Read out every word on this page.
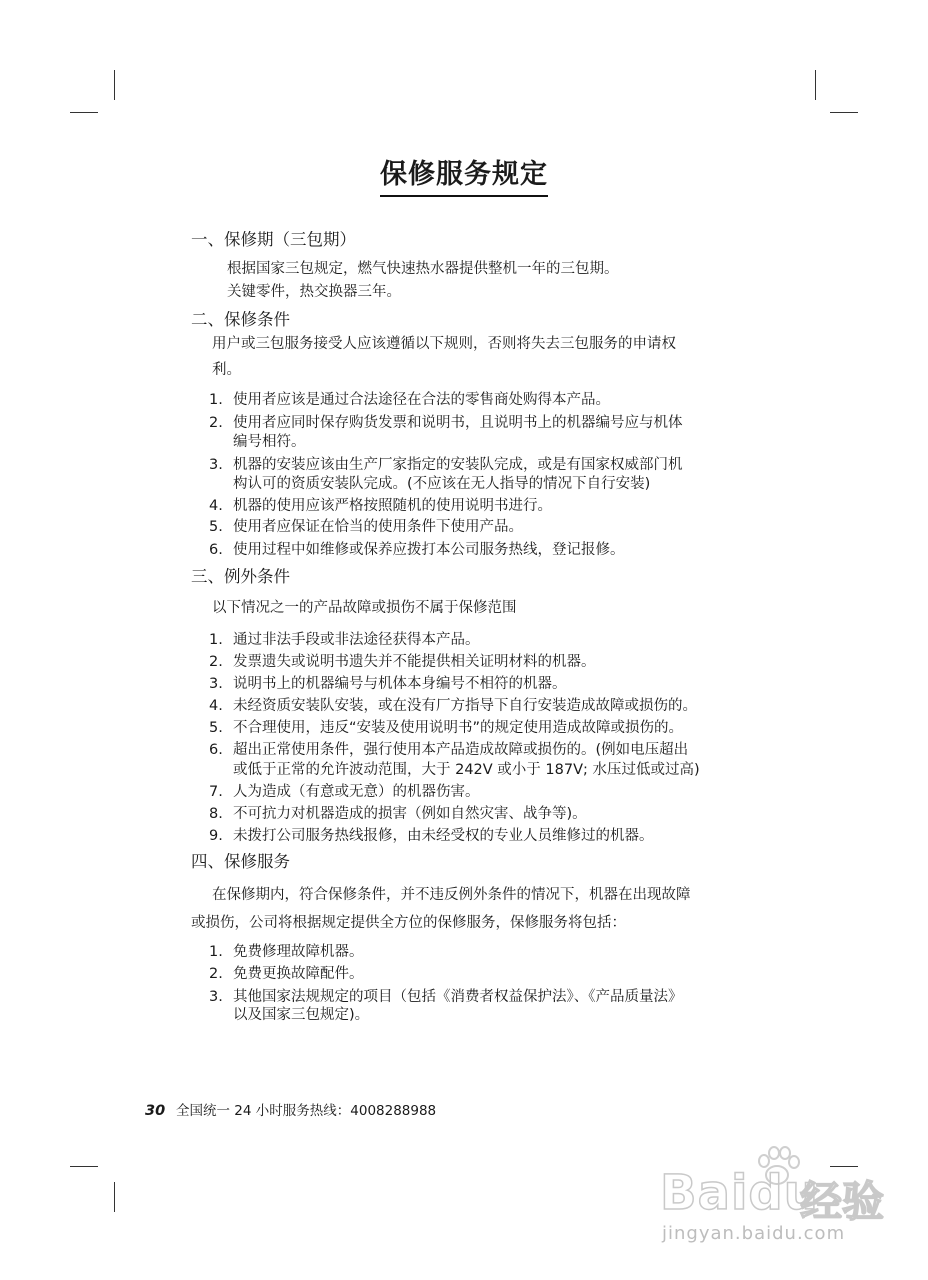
保修服务规定
一、保修期（三包期）
根据国家三包规定，燃气快速热水器提供整机一年的三包期。
关键零件，热交换器三年。
二、保修条件
用户或三包服务接受人应该遵循以下规则，否则将失去三包服务的申请权
利。
1. 使用者应该是通过合法途径在合法的零售商处购得本产品。
2. 使用者应同时保存购货发票和说明书，且说明书上的机器编号应与机体
编号相符。
3. 机器的安装应该由生产厂家指定的安装队完成，或是有国家权威部门机
构认可的资质安装队完成。(不应该在无人指导的情况下自行安装)
4. 机器的使用应该严格按照随机的使用说明书进行。
5. 使用者应保证在恰当的使用条件下使用产品。
6. 使用过程中如维修或保养应拨打本公司服务热线，登记报修。
三、例外条件
以下情况之一的产品故障或损伤不属于保修范围
1. 通过非法手段或非法途径获得本产品。
2. 发票遗失或说明书遗失并不能提供相关证明材料的机器。
3. 说明书上的机器编号与机体本身编号不相符的机器。
4. 未经资质安装队安装，或在没有厂方指导下自行安装造成故障或损伤的。
5. 不合理使用，违反“安装及使用说明书”的规定使用造成故障或损伤的。
6. 超出正常使用条件，强行使用本产品造成故障或损伤的。(例如电压超出
或低于正常的允许波动范围，大于 242V 或小于 187V; 水压过低或过高)
7. 人为造成（有意或无意）的机器伤害。
8. 不可抗力对机器造成的损害（例如自然灾害、战争等)。
9. 未拨打公司服务热线报修，由未经受权的专业人员维修过的机器。
四、保修服务
在保修期内，符合保修条件，并不违反例外条件的情况下，机器在出现故障
或损伤，公司将根据规定提供全方位的保修服务，保修服务将包括：
1. 免费修理故障机器。
2. 免费更换故障配件。
3. 其他国家法规规定的项目（包括《消费者权益保护法》、《产品质量法》
以及国家三包规定)。
30 全国统一 24 小时服务热线：4008288988
Baidu
经验
jingyan.baidu.com
